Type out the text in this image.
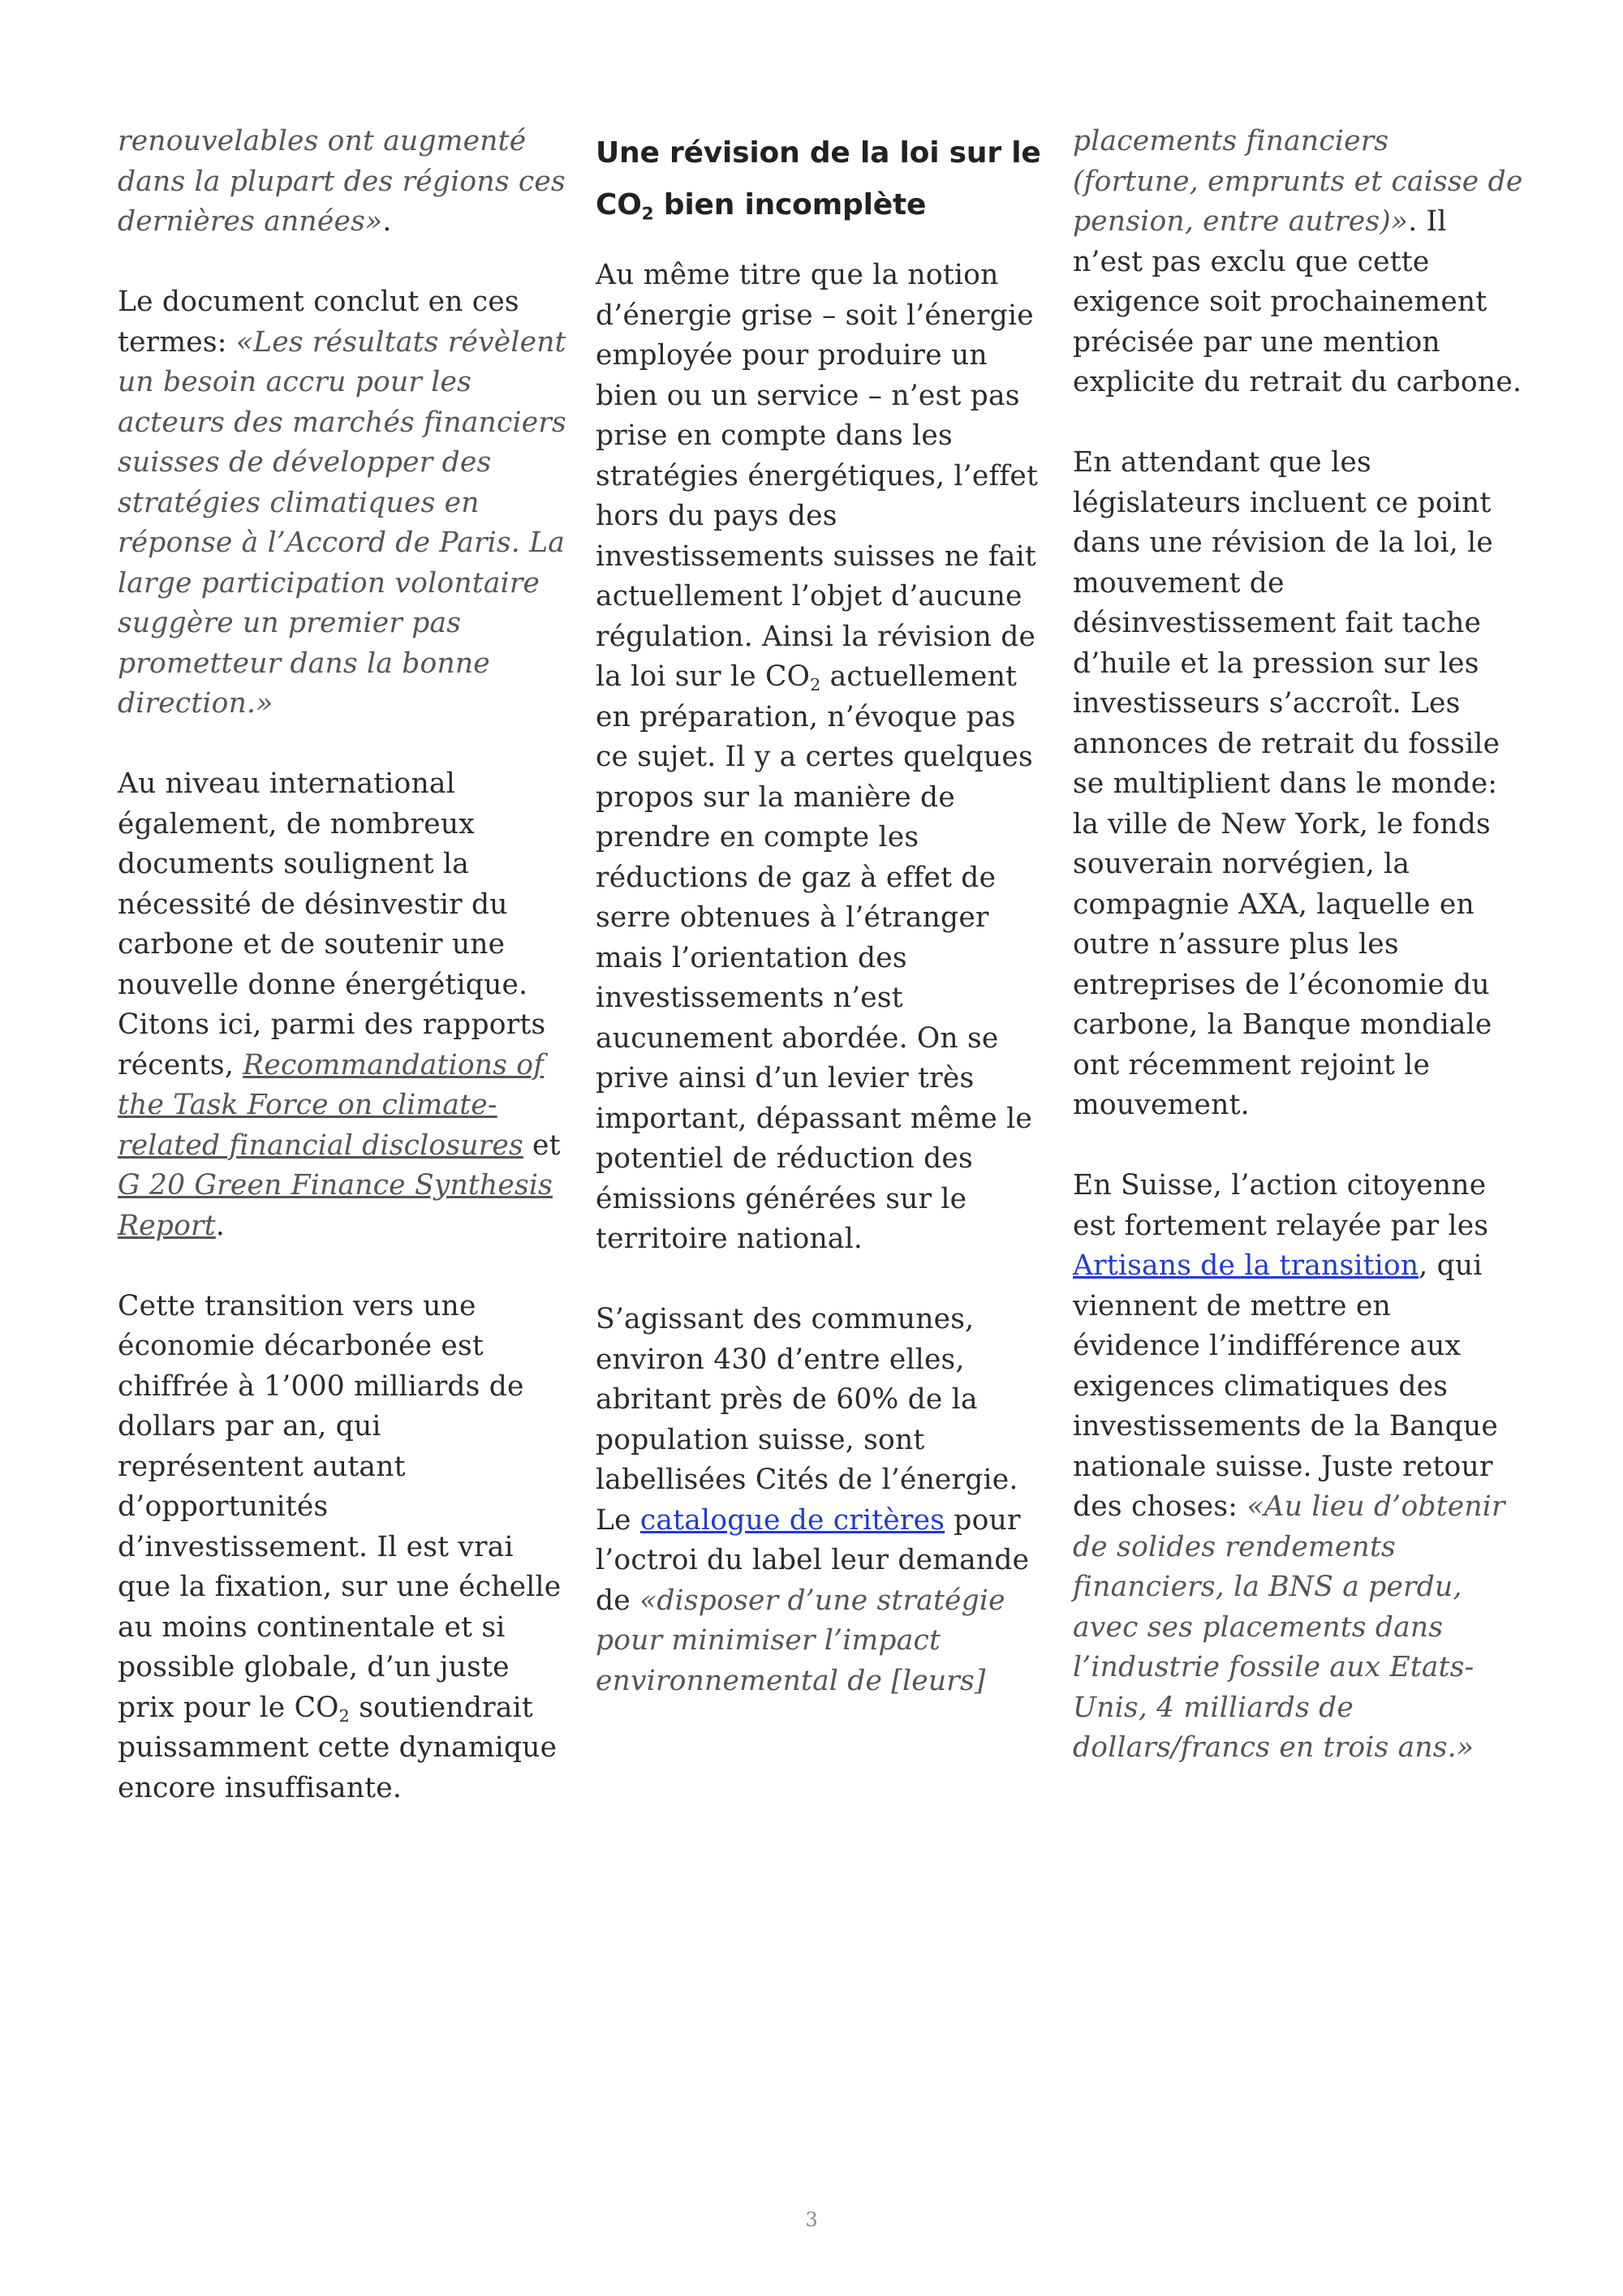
renouvelables ont augmenté dans la plupart des régions ces dernières années».

Le document conclut en ces termes: «Les résultats révèlent un besoin accru pour les acteurs des marchés financiers suisses de développer des stratégies climatiques en réponse à l’Accord de Paris. La large participation volontaire suggère un premier pas prometteur dans la bonne direction.»

Au niveau international également, de nombreux documents soulignent la nécessité de désinvestir du carbone et de soutenir une nouvelle donne énergétique. Citons ici, parmi des rapports récents, Recommandations of the Task Force on climate-related financial disclosures et G 20 Green Finance Synthesis Report.

Cette transition vers une économie décarbonée est chiffrée à 1’000 milliards de dollars par an, qui représentent autant d’opportunités d’investissement. Il est vrai que la fixation, sur une échelle au moins continentale et si possible globale, d’un juste prix pour le $CO_2$ soutiendrait puissamment cette dynamique encore insuffisante.

Une révision de la loi sur le $CO_2$ bien incomplète

Au même titre que la notion d’énergie grise – soit l’énergie employée pour produire un bien ou un service – n’est pas prise en compte dans les stratégies énergétiques, l’effet hors du pays des investissements suisses ne fait actuellement l’objet d’aucune régulation. Ainsi la révision de la loi sur le $CO_2$ actuellement en préparation, n’évoque pas ce sujet. Il y a certes quelques propos sur la manière de prendre en compte les réductions de gaz à effet de serre obtenues à l’étranger mais l’orientation des investissements n’est aucunement abordée. On se prive ainsi d’un levier très important, dépassant même le potentiel de réduction des émissions générées sur le territoire national.

S’agissant des communes, environ 430 d’entre elles, abritant près de 60% de la population suisse, sont labellisées Cités de l’énergie. Le catalogue de critères pour l’octroi du label leur demande de «disposer d’une stratégie pour minimiser l’impact environnemental de [leurs]

placements financiers (fortune, emprunts et caisse de pension, entre autres)». Il n’est pas exclu que cette exigence soit prochainement précisée par une mention explicite du retrait du carbone.

En attendant que les législateurs incluent ce point dans une révision de la loi, le mouvement de désinvestissement fait tache d’huile et la pression sur les investisseurs s’accroît. Les annonces de retrait du fossile se multiplient dans le monde: la ville de New York, le fonds souverain norvégien, la compagnie AXA, laquelle en outre n’assure plus les entreprises de l’économie du carbone, la Banque mondiale ont récemment rejoint le mouvement.

En Suisse, l’action citoyenne est fortement relayée par les Artisans de la transition, qui viennent de mettre en évidence l’indifférence aux exigences climatiques des investissements de la Banque nationale suisse. Juste retour des choses: «Au lieu d’obtenir de solides rendements financiers, la BNS a perdu, avec ses placements dans l’industrie fossile aux Etats-Unis, 4 milliards de dollars/francs en trois ans.»

3
